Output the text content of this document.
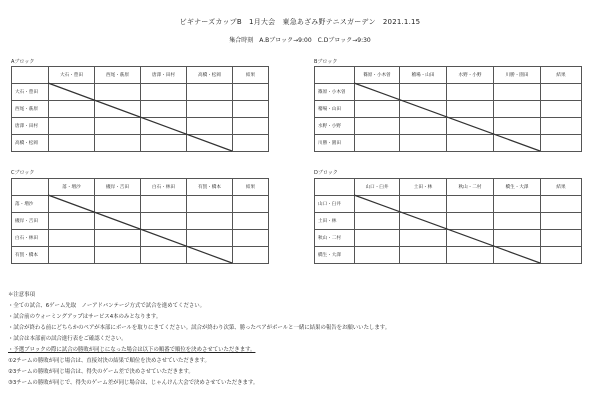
ビギナーズカップB　1月大会　東急あざみ野テニスガーデン　2021.1.15
集合時刻　A.Bブロック→9:00　C.Dブロック→9:30
Aブロック
	大石・豊田	西尾・萩原	唐澤・田村	高橋・松岡	結果
大石・豊田					
西尾・萩原					
唐澤・田村					
高橋・松岡					
Bブロック
	篠原・小木曽	稽場・山田	水野・小野	川勝・園田	結果
篠原・小木曽					
稽場・山田					
水野・小野					
川勝・園田					
Cブロック
	落・増沙	槻岸・吉田	白石・林田	有賀・橋本	結果
落・増沙					
槻岸・吉田					
白石・林田					
有賀・橋本					
Dブロック
	山口・臼井	土田・林	秋山・二村	橋生・大澤	結果
山口・臼井					
土田・林					
秋山・二村					
橋生・大澤					
＊注意事項
・全ての試合、6ゲーム先取　ノーアドバンテージ方式で試合を進めてください。
・試合前のウォーミングアップはサービス4本のみとなります。
・試合が終わる前にどちらかのペアが本部にボールを取りにきてください。試合が終わり次第、勝ったペアがボールと一緒に結果の報告をお願いいたします。
・試合は本部前の試合進行表をご確認ください。
・予選ブロックの際に試合の勝敗が同じになった場合は以下の順番で順位を決めさせていただきます。
①2チームの勝敗が同じ場合は、直接対決の結果で順位を決めさせていただきます。
②3チームの勝敗が同じ場合は、得失のゲーム差で決めさせていただきます。
③3チームの勝敗が同じで、得失のゲーム差が同じ場合は、じゃんけん大会で決めさせていただきます。
